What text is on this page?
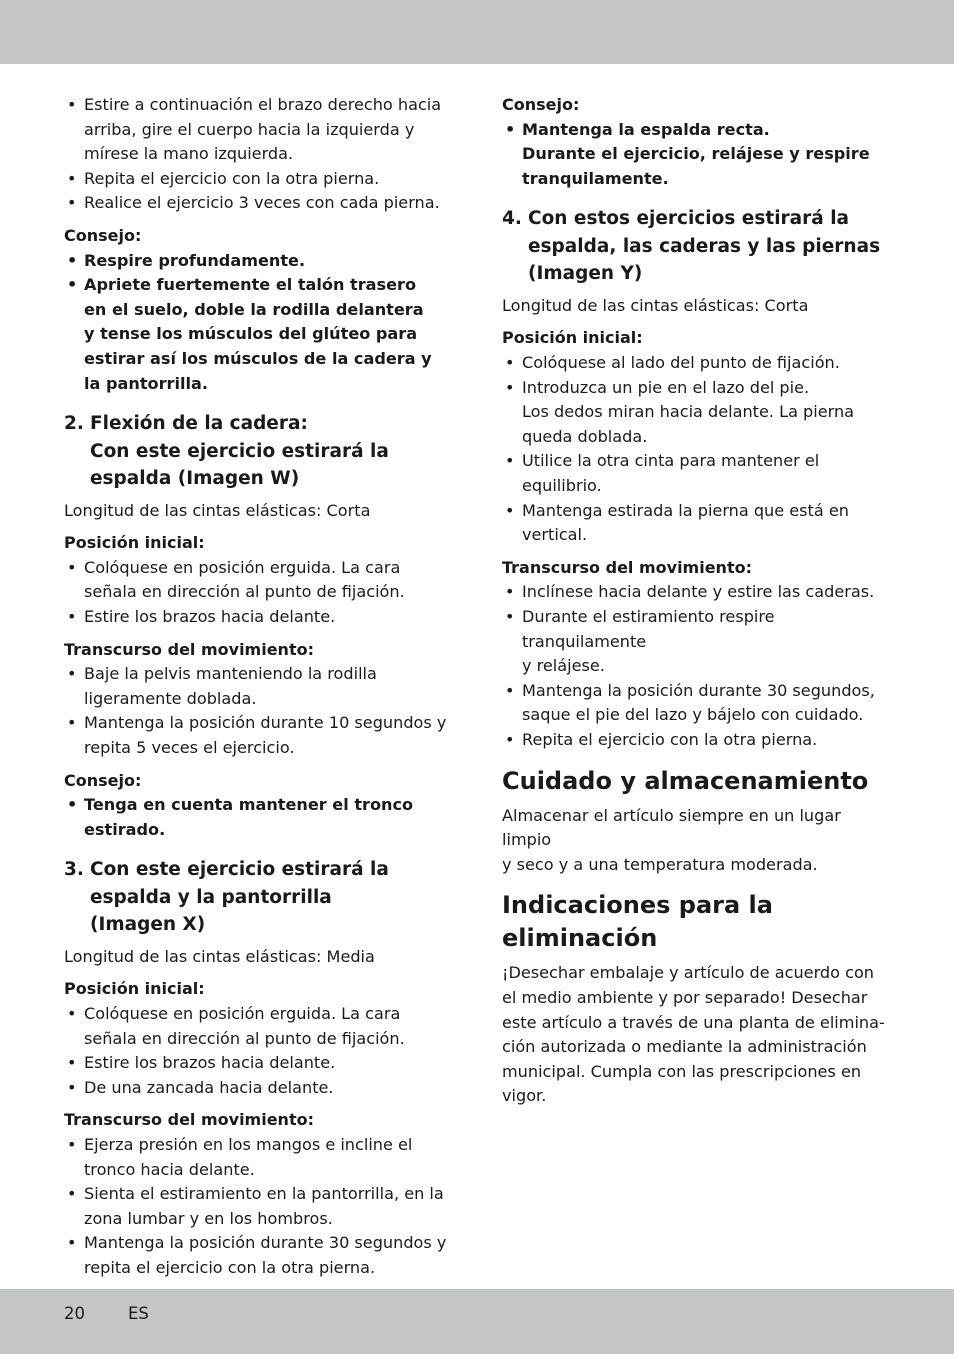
• Estire a continuación el brazo derecho hacia
arriba, gire el cuerpo hacia la izquierda y
mírese la mano izquierda.
• Repita el ejercicio con la otra pierna.
• Realice el ejercicio 3 veces con cada pierna.
Consejo:
• Respire profundamente.
• Apriete fuertemente el talón trasero
en el suelo, doble la rodilla delantera
y tense los músculos del glúteo para
estirar así los músculos de la cadera y
la pantorrilla.
2. Flexión de la cadera:
Con este ejercicio estirará la
espalda (Imagen W)
Longitud de las cintas elásticas: Corta
Posición inicial:
• Colóquese en posición erguida. La cara
señala en dirección al punto de fijación.
• Estire los brazos hacia delante.
Transcurso del movimiento:
• Baje la pelvis manteniendo la rodilla
ligeramente doblada.
• Mantenga la posición durante 10 segundos y
repita 5 veces el ejercicio.
Consejo:
• Tenga en cuenta mantener el tronco
estirado.
3. Con este ejercicio estirará la
espalda y la pantorrilla
(Imagen X)
Longitud de las cintas elásticas: Media
Posición inicial:
• Colóquese en posición erguida. La cara
señala en dirección al punto de fijación.
• Estire los brazos hacia delante.
• De una zancada hacia delante.
Transcurso del movimiento:
• Ejerza presión en los mangos e incline el
tronco hacia delante.
• Sienta el estiramiento en la pantorrilla, en la
zona lumbar y en los hombros.
• Mantenga la posición durante 30 segundos y
repita el ejercicio con la otra pierna.
Consejo:
• Mantenga la espalda recta.
Durante el ejercicio, relájese y respire
tranquilamente.
4. Con estos ejercicios estirará la
espalda, las caderas y las piernas
(Imagen Y)
Longitud de las cintas elásticas: Corta
Posición inicial:
• Colóquese al lado del punto de fijación.
• Introduzca un pie en el lazo del pie.
Los dedos miran hacia delante. La pierna
queda doblada.
• Utilice la otra cinta para mantener el
equilibrio.
• Mantenga estirada la pierna que está en
vertical.
Transcurso del movimiento:
• Inclínese hacia delante y estire las caderas.
• Durante el estiramiento respire tranquilamente
y relájese.
• Mantenga la posición durante 30 segundos,
saque el pie del lazo y bájelo con cuidado.
• Repita el ejercicio con la otra pierna.
Cuidado y almacenamiento
Almacenar el artículo siempre en un lugar limpio
y seco y a una temperatura moderada.
Indicaciones para la
eliminación
¡Desechar embalaje y artículo de acuerdo con
el medio ambiente y por separado! Desechar
este artículo a través de una planta de elimina-
ción autorizada o mediante la administración
municipal. Cumpla con las prescripciones en
vigor.
20	ES
